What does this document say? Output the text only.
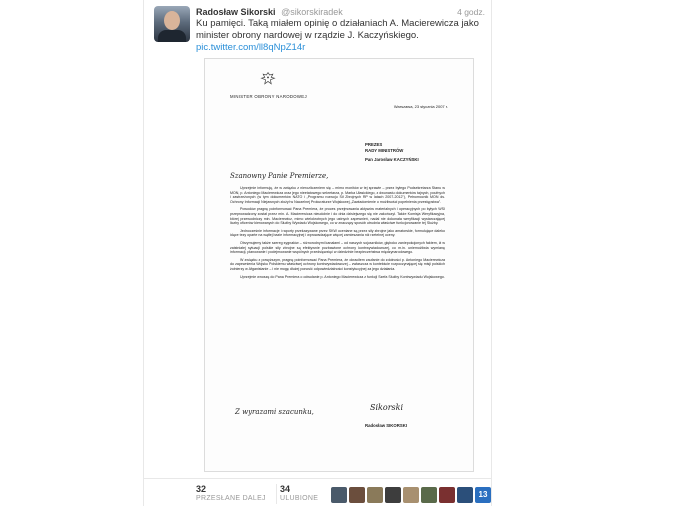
Radosław Sikorski @sikorskiradek	4 godz.
Ku pamięci. Taką miałem opinię o działaniach A. Macierewicza jako minister obrony nardowej w rządzie J. Kaczyńskiego.
pic.twitter.com/ll8qNpZ14r
MINISTER OBRONY NARODOWEJ
Warszawa, 23 stycznia 2007 r.
PREZES
RADY MINISTRÓW
Pan Jarosław KACZYŃSKI
Szanowny Panie Premierze,

Uprzejmie informuję, że w związku z nierozliczeniem się – mimo monitów w tej sprawie – przez byłego Podsekretarza Stanu w MON, p. Antoniego Macierewicza oraz jego nieetatowego sekretarza, p. Marka Ułasickiego, z dwunastu dokumentów tajnych, poufnych i zastrzeżonych (w tym dokumentów NATO i „Programu rozwoju Sił Zbrojnych RP w latach 2007-2012"), Pełnomocnik MON ds. Ochrony Informacji Niejawnych złożył w Naczelnej Prokuraturze Wojskowej „Zawiadomienie o możliwości popełnienia przestępstwa".

Powodów pragnę poinformować Pana Premiera, że proces przejmowania aktywów materialnych i operacyjnych po byłych WSI przeprowadzony został przez min. A. Macierewicza nieudolnie i do dnia dzisiejszego się nie zakończył. Także Komisja Weryfikacyjna, której przewodniczy min. Macierewicz, mimo wielokrotnych jego ustnych zapewnień, nadal nie dokonała weryfikacji wystarczającej liczby oficerów kierowanych do Służby Wywiadu Wojskowego, co w znaczący sposób utrudnia właściwe funkcjonowanie tej Służby.

Jednocześnie informacje i raporty przekazywane przez SKW oceniane są przez siły zbrojne jako amatorskie, formułujące daleko idące tezy oparte na wątłej bazie informacyjnej i wprowadzające więcej zamieszania niż rzetelnej oceny.

Otrzymujemy także szereg sygnałów – różnorodnymi kanałami – od naszych sojuszników, głęboko zaniepokojonych faktem, iż w zaistniałej sytuacji polskie siły zbrojne są efektywnie pozbawione ochrony kontrwywiadowczej, co m.in. uniemożliwia wymianę informacji, planowanie i podejmowanie wspólnych przedsięwzięć w dziedzinie bezpieczeństwa międzynarodowego.

W związku z powyższym, pragnę poinformować Pana Premiera, że okraciłem zaufanie do zdolności p. Antoniego Macierewicza do zapewnienia Wojsku Polskiemu właściwej ochrony kontrwywiadowczej – zwłaszcza w kontekście rozpoczynającej się misji polskich żołnierzy w Afganistanie – i nie mogę dłużej ponosić odpowiedzialności konstytucyjnej za jego działania.

Uprzejmie wnoszę do Pana Premiera o odwołanie p. Antoniego Macierewicza z funkcji Szefa Służby Kontrwywiadu Wojskowego.

Z wyrazami szacunku,	Sikorski
Radosław SIKORSKI
32
PRZESŁANE DALEJ
34
ULUBIONE	13
